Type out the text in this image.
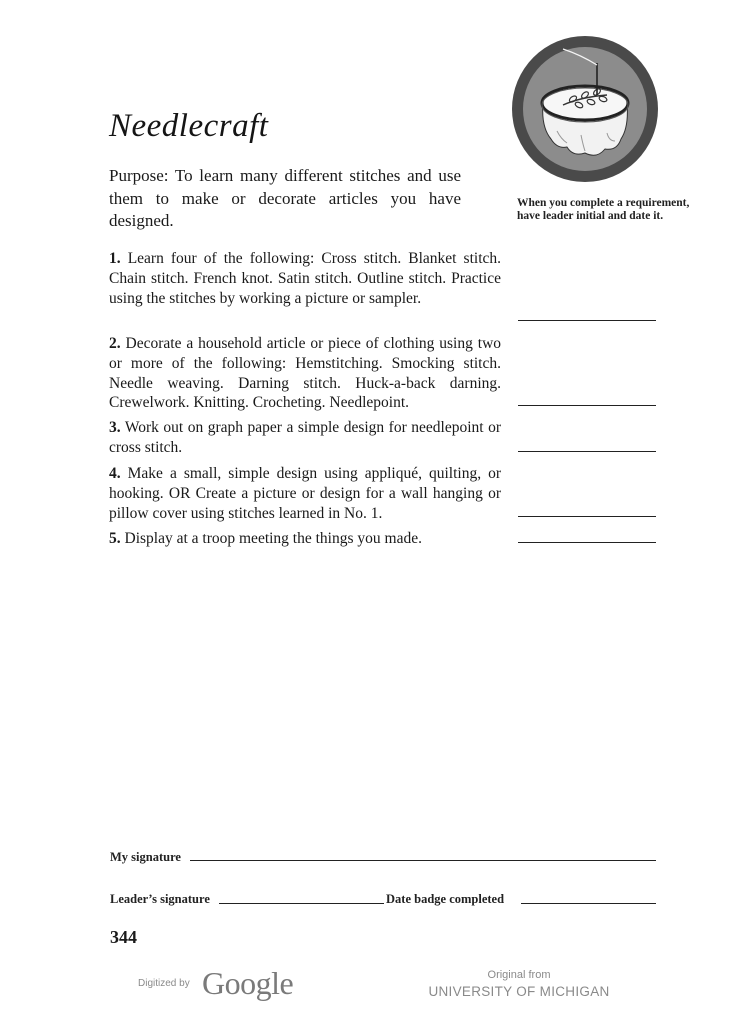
Needlecraft
Purpose: To learn many different stitches and use them to make or decorate articles you have designed.
When you complete a requirement, have leader initial and date it.
1. Learn four of the following: Cross stitch. Blanket stitch. Chain stitch. French knot. Satin stitch. Outline stitch. Practice using the stitches by working a picture or sampler.
2. Decorate a household article or piece of clothing using two or more of the following: Hemstitching. Smocking stitch. Needle weaving. Darning stitch. Huck-a-back darning. Crewelwork. Knitting. Crocheting. Needlepoint.
3. Work out on graph paper a simple design for needlepoint or cross stitch.
4. Make a small, simple design using appliqué, quilting, or hooking. OR Create a picture or design for a wall hanging or pillow cover using stitches learned in No. 1.
5. Display at a troop meeting the things you made.
My signature
Leader’s signature	Date badge completed
344
Digitized by Google	Original from
UNIVERSITY OF MICHIGAN
